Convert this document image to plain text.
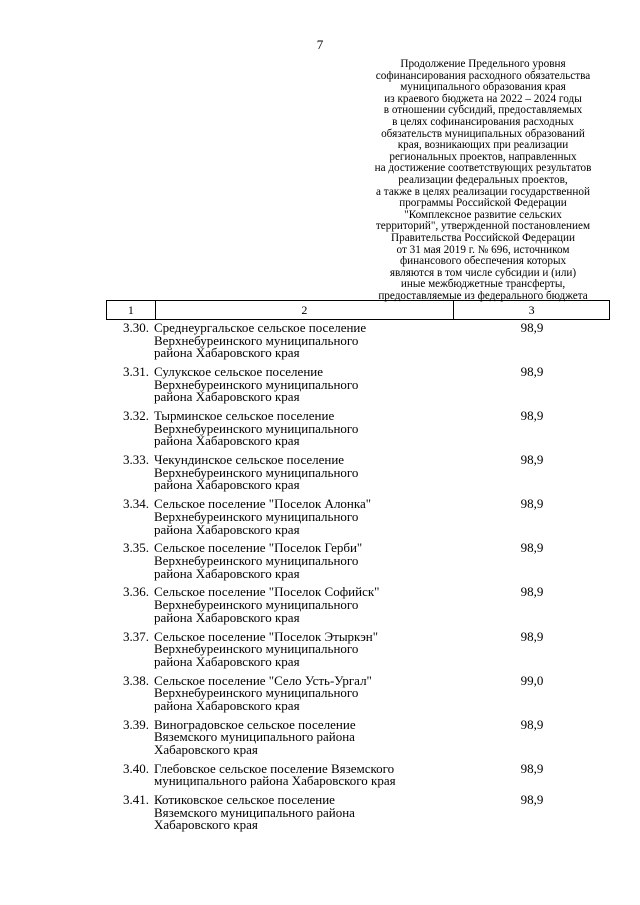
7
Продолжение Предельного уровня
софинансирования расходного обязательства
муниципального образования края
из краевого бюджета на 2022 – 2024 годы
в отношении субсидий, предоставляемых
в целях софинансирования расходных
обязательств муниципальных образований
края, возникающих при реализации
региональных проектов, направленных
на достижение соответствующих результатов
реализации федеральных проектов,
а также в целях реализации государственной
программы Российской Федерации
"Комплексное развитие сельских
территорий", утвержденной постановлением
Правительства Российской Федерации
от 31 мая 2019 г. № 696, источником
финансового обеспечения которых
являются в том числе субсидии и (или)
иные межбюджетные трансферты,
предоставляемые из федерального бюджета
1	2	3
3.30. Среднеургальское сельское поселение
Верхнебуреинского муниципального
района Хабаровского края
98,9
3.31. Сулукское сельское поселение
Верхнебуреинского муниципального
района Хабаровского края
98,9
3.32. Тырминское сельское поселение
Верхнебуреинского муниципального
района Хабаровского края
98,9
3.33. Чекундинское сельское поселение
Верхнебуреинского муниципального
района Хабаровского края
98,9
3.34. Сельское поселение "Поселок Алонка"
Верхнебуреинского муниципального
района Хабаровского края
98,9
3.35. Сельское поселение "Поселок Герби"
Верхнебуреинского муниципального
района Хабаровского края
98,9
3.36. Сельское поселение "Поселок Софийск"
Верхнебуреинского муниципального
района Хабаровского края
98,9
3.37. Сельское поселение "Поселок Этыркэн"
Верхнебуреинского муниципального
района Хабаровского края
98,9
3.38. Сельское поселение "Село Усть-Ургал"
Верхнебуреинского муниципального
района Хабаровского края
99,0
3.39. Виноградовское сельское поселение
Вяземского муниципального района
Хабаровского края
98,9
3.40. Глебовское сельское поселение Вяземского
муниципального района Хабаровского края
98,9
3.41. Котиковское сельское поселение
Вяземского муниципального района
Хабаровского края
98,9
